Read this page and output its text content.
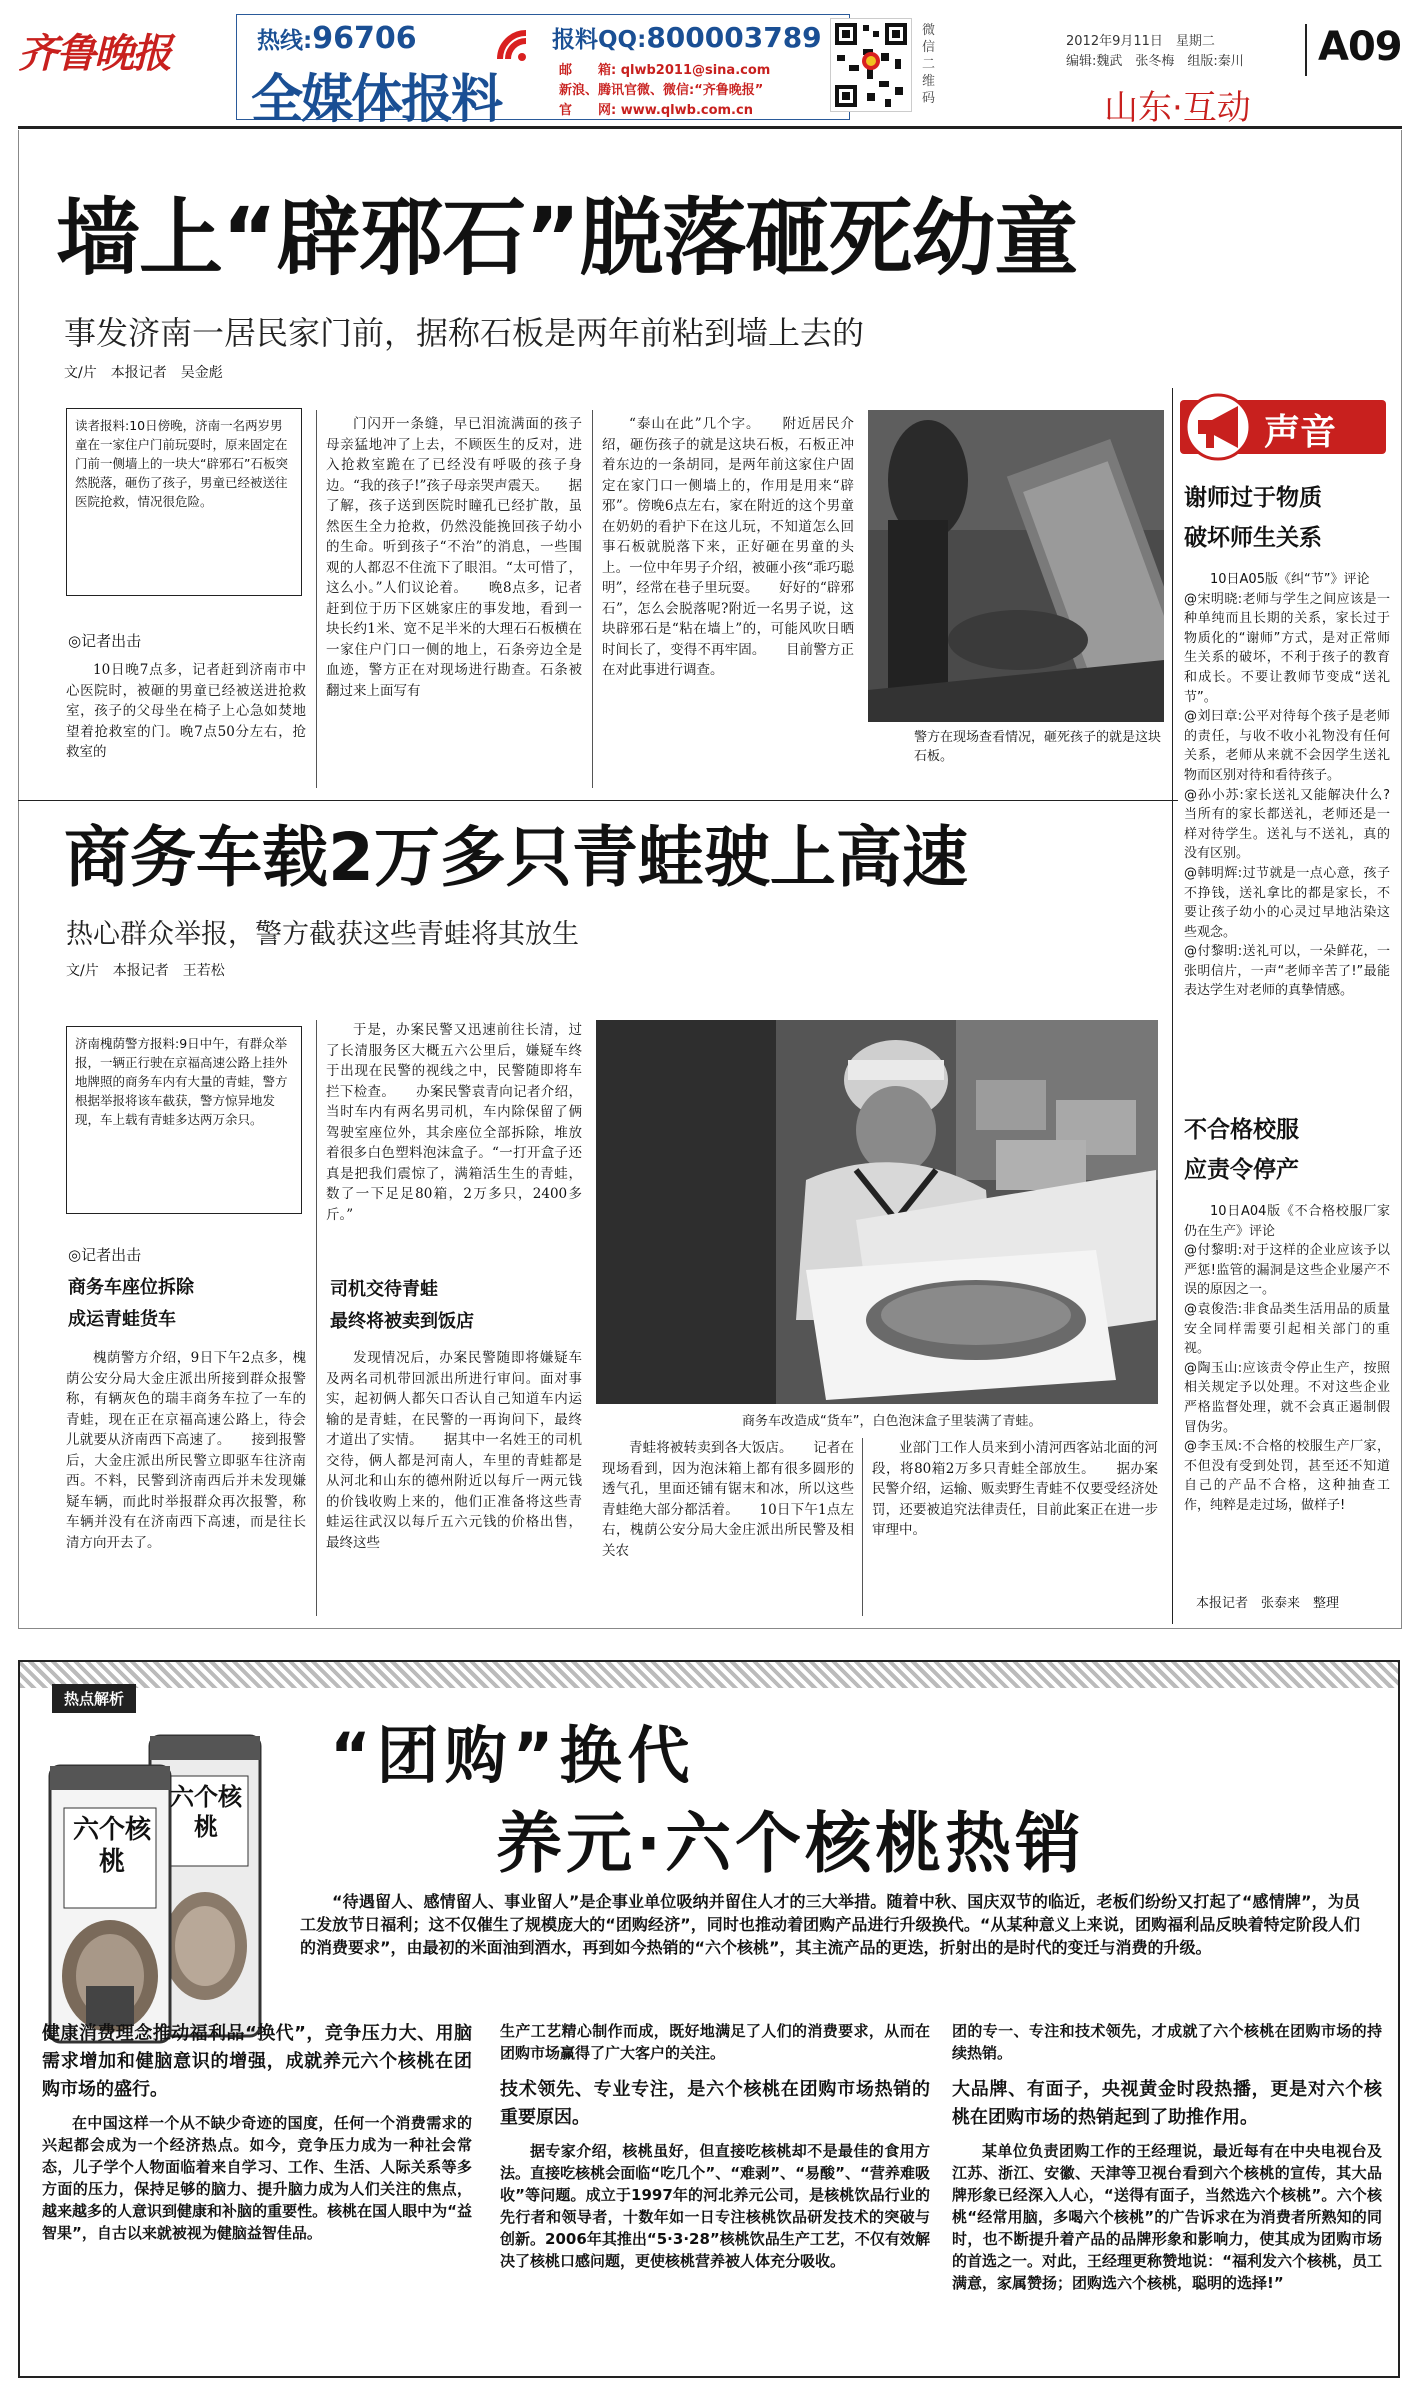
齐鲁晚报	热线:96706
全媒体报料
报料QQ:800003789
邮　　箱: qlwb2011@sina.com
新浪、腾讯官微、微信:“齐鲁晚报”
官　　网: www.qlwb.com.cn
微信二维码
2012年9月11日　星期二
编辑:魏武　张冬梅　组版:秦川 A09
山东·互动
墙上“辟邪石”脱落砸死幼童
事发济南一居民家门前，据称石板是两年前粘到墙上去的
文/片　本报记者　吴金彪
读者报料:10日傍晚，济南一名两岁男童在一家住户门前玩耍时，原来固定在门前一侧墙上的一块大“辟邪石”石板突然脱落，砸伤了孩子，男童已经被送往医院抢救，情况很危险。
◎记者出击

10日晚7点多，记者赶到济南市中心医院时，被砸的男童已经被送进抢救室，孩子的父母坐在椅子上心急如焚地望着抢救室的门。晚7点50分左右，抢救室的

门闪开一条缝，早已泪流满面的孩子母亲猛地冲了上去，不顾医生的反对，进入抢救室跪在了已经没有呼吸的孩子身边。“我的孩子!”孩子母亲哭声震天。　　据了解，孩子送到医院时瞳孔已经扩散，虽然医生全力抢救，仍然没能挽回孩子幼小的生命。听到孩子“不治”的消息，一些围观的人都忍不住流下了眼泪。“太可惜了，这么小。”人们议论着。　　晚8点多，记者赶到位于历下区姚家庄的事发地，看到一块长约1米、宽不足半米的大理石石板横在一家住户门口一侧的地上，石条旁边全是血迹，警方正在对现场进行勘查。石条被翻过来上面写有

“泰山在此”几个字。　　附近居民介绍，砸伤孩子的就是这块石板，石板正冲着东边的一条胡同，是两年前这家住户固定在家门口一侧墙上的，作用是用来“辟邪”。傍晚6点左右，家在附近的这个男童在奶奶的看护下在这儿玩，不知道怎么回事石板就脱落下来，正好砸在男童的头上。一位中年男子介绍，被砸小孩“乖巧聪明”，经常在巷子里玩耍。　　好好的“辟邪石”，怎么会脱落呢?附近一名男子说，这块辟邪石是“粘在墙上”的，可能风吹日晒时间长了，变得不再牢固。　　目前警方正在对此事进行调查。

警方在现场查看情况，砸死孩子的就是这块石板。
商务车载2万多只青蛙驶上高速
热心群众举报，警方截获这些青蛙将其放生
文/片　本报记者　王若松
济南槐荫警方报料:9日中午，有群众举报，一辆正行驶在京福高速公路上挂外地牌照的商务车内有大量的青蛙，警方根据举报将该车截获，警方惊异地发现，车上载有青蛙多达两万余只。
◎记者出击
商务车座位拆除
成运青蛙货车

槐荫警方介绍，9日下午2点多，槐荫公安分局大金庄派出所接到群众报警称，有辆灰色的瑞丰商务车拉了一车的青蛙，现在正在京福高速公路上，待会儿就要从济南西下高速了。　　接到报警后，大金庄派出所民警立即驱车往济南西。不料，民警到济南西后并未发现嫌疑车辆，而此时举报群众再次报警，称车辆并没有在济南西下高速，而是往长清方向开去了。

于是，办案民警又迅速前往长清，过了长清服务区大概五六公里后，嫌疑车终于出现在民警的视线之中，民警随即将车拦下检查。　　办案民警袁青向记者介绍，当时车内有两名男司机，车内除保留了俩驾驶室座位外，其余座位全部拆除，堆放着很多白色塑料泡沫盒子。“一打开盒子还真是把我们震惊了，满箱活生生的青蛙，数了一下足足80箱，2万多只，2400多斤。”

司机交待青蛙
最终将被卖到饭店

发现情况后，办案民警随即将嫌疑车及两名司机带回派出所进行审问。面对事实，起初俩人都矢口否认自己知道车内运输的是青蛙，在民警的一再询问下，最终才道出了实情。　　据其中一名姓王的司机交待，俩人都是河南人，车里的青蛙都是从河北和山东的德州附近以每斤一两元钱的价钱收购上来的，他们正准备将这些青蛙运往武汉以每斤五六元钱的价格出售，最终这些

商务车改造成“货车”，白色泡沫盒子里装满了青蛙。

青蛙将被转卖到各大饭店。　　记者在现场看到，因为泡沫箱上都有很多圆形的透气孔，里面还铺有锯末和冰，所以这些青蛙绝大部分都活着。　　10日下午1点左右，槐荫公安分局大金庄派出所民警及相关农

业部门工作人员来到小清河西客站北面的河段，将80箱2万多只青蛙全部放生。　　据办案民警介绍，运输、贩卖野生青蛙不仅要受经济处罚，还要被追究法律责任，目前此案正在进一步审理中。

声音
谢师过于物质
破坏师生关系

10日A05版《纠“节”》评论

@宋明晓:老师与学生之间应该是一种单纯而且长期的关系，家长过于物质化的“谢师”方式，是对正常师生关系的破坏，不利于孩子的教育和成长。不要让教师节变成“送礼节”。

@刘曰章:公平对待每个孩子是老师的责任，与收不收小礼物没有任何关系，老师从来就不会因学生送礼物而区别对待和看待孩子。

@孙小苏:家长送礼又能解决什么?当所有的家长都送礼，老师还是一样对待学生。送礼与不送礼，真的没有区别。

@韩明辉:过节就是一点心意，孩子不挣钱，送礼拿比的都是家长，不要让孩子幼小的心灵过早地沾染这些观念。

@付黎明:送礼可以，一朵鲜花，一张明信片，一声“老师辛苦了!”最能表达学生对老师的真挚情感。

不合格校服
应责令停产

10日A04版《不合格校服厂家仍在生产》评论

@付黎明:对于这样的企业应该予以严惩!监管的漏洞是这些企业屡产不误的原因之一。

@袁俊浩:非食品类生活用品的质量安全同样需要引起相关部门的重视。

@陶玉山:应该责令停止生产，按照相关规定予以处理。不对这些企业严格监督处理，就不会真正遏制假冒伪劣。

@李玉凤:不合格的校服生产厂家，不但没有受到处罚，甚至还不知道自己的产品不合格，这种抽查工作，纯粹是走过场，做样子!

本报记者　张泰来　整理
热点解析
六个核桃
六个核桃
“团购”换代
养元·六个核桃热销
“待遇留人、感情留人、事业留人”是企事业单位吸纳并留住人才的三大举措。随着中秋、国庆双节的临近，老板们纷纷又打起了“感情牌”，为员工发放节日福利；这不仅催生了规模庞大的“团购经济”，同时也推动着团购产品进行升级换代。“从某种意义上来说，团购福利品反映着特定阶段人们的消费要求”，由最初的米面油到酒水，再到如今热销的“六个核桃”，其主流产品的更迭，折射出的是时代的变迁与消费的升级。

健康消费理念推动福利品“换代”，竞争压力大、用脑需求增加和健脑意识的增强，成就养元六个核桃在团购市场的盛行。

在中国这样一个从不缺少奇迹的国度，任何一个消费需求的兴起都会成为一个经济热点。如今，竞争压力成为一种社会常态，儿子学个人物面临着来自学习、工作、生活、人际关系等多方面的压力，保持足够的脑力、提升脑力成为人们关注的焦点，越来越多的人意识到健康和补脑的重要性。核桃在国人眼中为“益智果”，自古以来就被视为健脑益智佳品。

生产工艺精心制作而成，既好地满足了人们的消费要求，从而在团购市场赢得了广大客户的关注。

技术领先、专业专注，是六个核桃在团购市场热销的重要原因。

据专家介绍，核桃虽好，但直接吃核桃却不是最佳的食用方法。直接吃核桃会面临“吃几个”、“难剥”、“易酸”、“营养难吸收”等问题。成立于1997年的河北养元公司，是核桃饮品行业的先行者和领导者，十数年如一日专注核桃饮品研发技术的突破与创新。2006年其推出“5·3·28”核桃饮品生产工艺，不仅有效解决了核桃口感问题，更使核桃营养被人体充分吸收。

团的专一、专注和技术领先，才成就了六个核桃在团购市场的持续热销。

大品牌、有面子，央视黄金时段热播，更是对六个核桃在团购市场的热销起到了助推作用。

某单位负责团购工作的王经理说，最近每有在中央电视台及江苏、浙江、安徽、天津等卫视台看到六个核桃的宣传，其大品牌形象已经深入人心，“送得有面子，当然选六个核桃”。六个核桃“经常用脑，多喝六个核桃”的广告诉求在为消费者所熟知的同时，也不断提升着产品的品牌形象和影响力，使其成为团购市场的首选之一。对此，王经理更称赞地说：“福利发六个核桃，员工满意，家属赞扬；团购选六个核桃，聪明的选择!”
